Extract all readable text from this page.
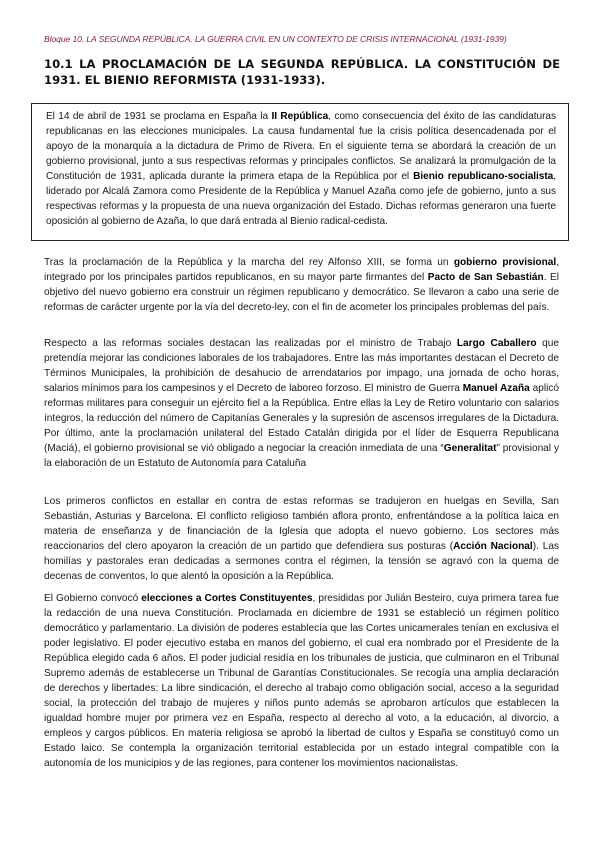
Bloque 10. LA SEGUNDA REPÚBLICA. LA GUERRA CIVIL EN UN CONTEXTO DE CRISIS INTERNACIONAL (1931-1939)
10.1 LA PROCLAMACIÓN DE LA SEGUNDA REPÚBLICA. LA CONSTITUCIÓN DE 1931. EL BIENIO REFORMISTA (1931-1933).

El 14 de abril de 1931 se proclama en España la II República, como consecuencia del éxito de las candidaturas republicanas en las elecciones municipales. La causa fundamental fue la crisis política desencadenada por el apoyo de la monarquía a la dictadura de Primo de Rivera. En el siguiente tema se abordará la creación de un gobierno provisional, junto a sus respectivas reformas y principales conflictos. Se analizará la promulgación de la Constitución de 1931, aplicada durante la primera etapa de la República por el Bienio republicano-socialista, liderado por Alcalá Zamora como Presidente de la República y Manuel Azaña como jefe de gobierno, junto a sus respectivas reformas y la propuesta de una nueva organización del Estado. Dichas reformas generaron una fuerte oposición al gobierno de Azaña, lo que dará entrada al Bienio radical-cedista.

Tras la proclamación de la República y la marcha del rey Alfonso XIII, se forma un gobierno provisional, integrado por los principales partidos republicanos, en su mayor parte firmantes del Pacto de San Sebastián. El objetivo del nuevo gobierno era construir un régimen republicano y democrático. Se llevaron a cabo una serie de reformas de carácter urgente por la vía del decreto-ley, con el fin de acometer los principales problemas del país.

Respecto a las reformas sociales destacan las realizadas por el ministro de Trabajo Largo Caballero que pretendía mejorar las condiciones laborales de los trabajadores. Entre las más importantes destacan el Decreto de Términos Municipales, la prohibición de desahucio de arrendatarios por impago, una jornada de ocho horas, salarios mínimos para los campesinos y el Decreto de laboreo forzoso. El ministro de Guerra Manuel Azaña aplicó reformas militares para conseguir un ejército fiel a la República. Entre ellas la Ley de Retiro voluntario con salarios íntegros, la reducción del número de Capitanías Generales y la supresión de ascensos irregulares de la Dictadura. Por último, ante la proclamación unilateral del Estado Catalán dirigida por el líder de Esquerra Republicana (Maciá), el gobierno provisional se vió obligado a negociar la creación inmediata de una “Generalitat” provisional y la elaboración de un Estatuto de Autonomía para Cataluña

Los primeros conflictos en estallar en contra de estas reformas se tradujeron en huelgas en Sevilla, San Sebastián, Asturias y Barcelona. El conflicto religioso también aflora pronto, enfrentándose a la política laica en materia de enseñanza y de financiación de la Iglesia que adopta el nuevo gobierno. Los sectores más reaccionarios del clero apoyaron la creación de un partido que defendiera sus posturas (Acción Nacional). Las homilías y pastorales eran dedicadas a sermones contra el régimen, la tensión se agravó con la quema de decenas de conventos, lo que alentó la oposición a la República.

El Gobierno convocó elecciones a Cortes Constituyentes, presididas por Julián Besteiro, cuya primera tarea fue la redacción de una nueva Constitución. Proclamada en diciembre de 1931 se estableció un régimen político democrático y parlamentario. La división de poderes establecía que las Cortes unicamerales tenían en exclusiva el poder legislativo. El poder ejecutivo estaba en manos del gobierno, el cual era nombrado por el Presidente de la República elegido cada 6 años. El poder judicial residía en los tribunales de justicia, que culminaron en el Tribunal Supremo además de establecerse un Tribunal de Garantías Constitucionales. Se recogía una amplia declaración de derechos y libertades: La libre sindicación, el derecho al trabajo como obligación social, acceso a la seguridad social, la protección del trabajo de mujeres y niños punto además se aprobaron artículos que establecen la igualdad hombre mujer por primera vez en España, respecto al derecho al voto, a la educación, al divorcio, a empleos y cargos públicos. En materia religiosa se aprobó la libertad de cultos y España se constituyó como un Estado laico. Se contempla la organización territorial establecida por un estado integral compatible con la autonomía de los municipios y de las regiones, para contener los movimientos nacionalistas.
